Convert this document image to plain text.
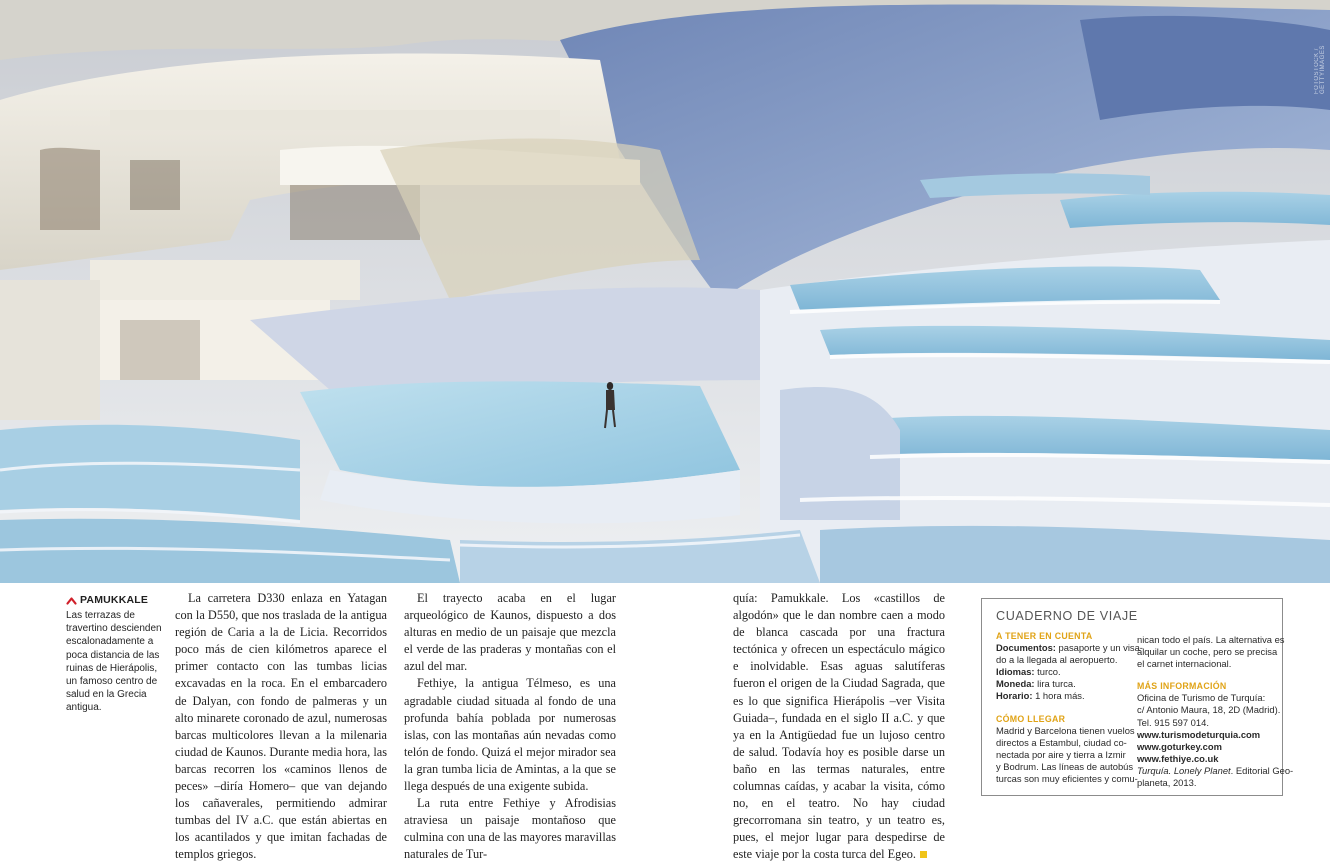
FOTOSTOCK / GETTYIMAGES
PAMUKKALE

Las terrazas de travertino descienden escalonadamente a poca distancia de las ruinas de Hierápolis, un famoso centro de salud en la Grecia antigua.

La carretera D330 enlaza en Yatagan con la D550, que nos traslada de la antigua región de Caria a la de Licia. Recorridos poco más de cien kilómetros aparece el primer contacto con las tumbas licias excavadas en la roca. En el embarcadero de Dalyan, con fondo de palmeras y un alto minarete coronado de azul, numerosas barcas multicolores llevan a la milenaria ciudad de Kaunos. Durante media hora, las barcas recorren los «caminos llenos de peces» –diría Homero– que van dejando los cañaverales, permitiendo admirar tumbas del IV a.C. que están abiertas en los acantilados y que imitan fachadas de templos griegos.

El trayecto acaba en el lugar arqueológico de Kaunos, dispuesto a dos alturas en medio de un paisaje que mezcla el verde de las praderas y montañas con el azul del mar.

Fethiye, la antigua Télmeso, es una agradable ciudad situada al fondo de una profunda bahía poblada por numerosas islas, con las montañas aún nevadas como telón de fondo. Quizá el mejor mirador sea la gran tumba licia de Amintas, a la que se llega después de una exigente subida.

La ruta entre Fethiye y Afrodisias atraviesa un paisaje montañoso que culmina con una de las mayores maravillas naturales de Tur-

quía: Pamukkale. Los «castillos de algodón» que le dan nombre caen a modo de blanca cascada por una fractura tectónica y ofrecen un espectáculo mágico e inolvidable. Esas aguas salutíferas fueron el origen de la Ciudad Sagrada, que es lo que significa Hierápolis –ver Visita Guiada–, fundada en el siglo II a.C. y que ya en la Antigüedad fue un lujoso centro de salud. Todavía hoy es posible darse un baño en las termas naturales, entre columnas caídas, y acabar la visita, cómo no, en el teatro. No hay ciudad grecorromana sin teatro, y un teatro es, pues, el mejor lugar para despedirse de este viaje por la costa turca del Egeo.

CUADERNO DE VIAJE
A TENER EN CUENTA
Documentos: pasaporte y un visa-
do a la llegada al aeropuerto.
Idiomas: turco.
Moneda: lira turca.
Horario: 1 hora más.
CÓMO LLEGAR
Madrid y Barcelona tienen vuelos
directos a Estambul, ciudad co-
nectada por aire y tierra a Izmir
y Bodrum. Las líneas de autobús
turcas son muy eficientes y comu-
nican todo el país. La alternativa es
alquilar un coche, pero se precisa
el carnet internacional.
MÁS INFORMACIÓN
Oficina de Turismo de Turquía:
c/ Antonio Maura, 18, 2D (Madrid).
Tel. 915 597 014.
www.turismodeturquia.com
www.goturkey.com
www.fethiye.co.uk
Turquía. Lonely Planet. Editorial Geo-
planeta, 2013.
